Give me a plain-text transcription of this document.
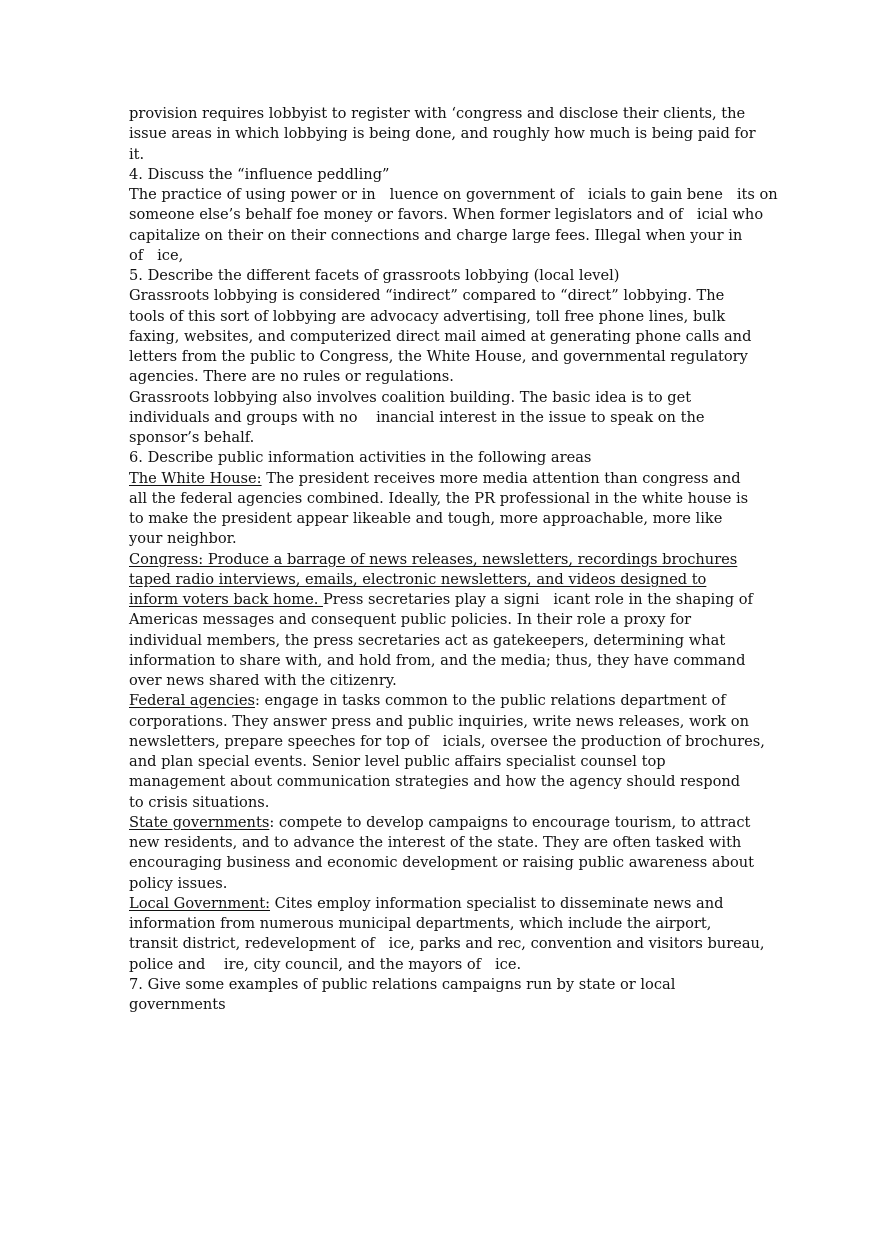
provision requires lobbyist to register with ‘congress and disclose their clients, the
issue areas in which lobbying is being done, and roughly how much is being paid for
it.
4. Discuss the “influence peddling”
The practice of using power or in   luence on government of   icials to gain bene   its on
someone else’s behalf foe money or favors. When former legislators and of   icial who
capitalize on their on their connections and charge large fees. Illegal when your in
of   ice,
5. Describe the different facets of grassroots lobbying (local level)
Grassroots lobbying is considered “indirect” compared to “direct” lobbying. The
tools of this sort of lobbying are advocacy advertising, toll free phone lines, bulk
faxing, websites, and computerized direct mail aimed at generating phone calls and
letters from the public to Congress, the White House, and governmental regulatory
agencies. There are no rules or regulations.
Grassroots lobbying also involves coalition building. The basic idea is to get
individuals and groups with no    inancial interest in the issue to speak on the
sponsor’s behalf.
6. Describe public information activities in the following areas
The White House: The president receives more media attention than congress and
all the federal agencies combined. Ideally, the PR professional in the white house is
to make the president appear likeable and tough, more approachable, more like
your neighbor.
Congress: Produce a barrage of news releases, newsletters, recordings brochures
taped radio interviews, emails, electronic newsletters, and videos designed to
inform voters back home. Press secretaries play a signi   icant role in the shaping of
Americas messages and consequent public policies. In their role a proxy for
individual members, the press secretaries act as gatekeepers, determining what
information to share with, and hold from, and the media; thus, they have command
over news shared with the citizenry.
Federal agencies: engage in tasks common to the public relations department of
corporations. They answer press and public inquiries, write news releases, work on
newsletters, prepare speeches for top of   icials, oversee the production of brochures,
and plan special events. Senior level public affairs specialist counsel top
management about communication strategies and how the agency should respond
to crisis situations.
State governments: compete to develop campaigns to encourage tourism, to attract
new residents, and to advance the interest of the state. They are often tasked with
encouraging business and economic development or raising public awareness about
policy issues.
Local Government: Cites employ information specialist to disseminate news and
information from numerous municipal departments, which include the airport,
transit district, redevelopment of   ice, parks and rec, convention and visitors bureau,
police and    ire, city council, and the mayors of   ice.
7. Give some examples of public relations campaigns run by state or local
governments
